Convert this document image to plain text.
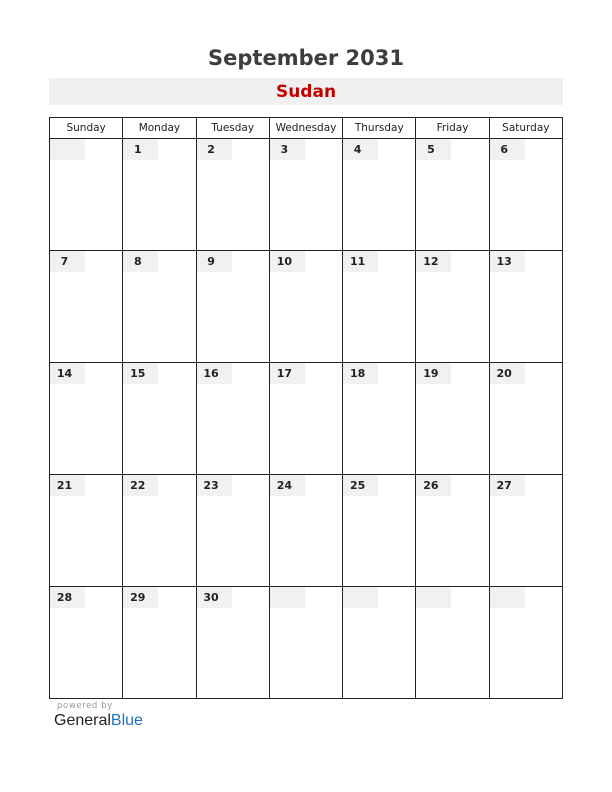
September 2031
Sudan
Sunday	Monday	Tuesday	Wednesday	Thursday	Friday	Saturday

	1	2	3	4	5	6

7	8	9	10	11	12	13

14	15	16	17	18	19	20

21	22	23	24	25	26	27

28	29	30				

powered by
GeneralBlue
